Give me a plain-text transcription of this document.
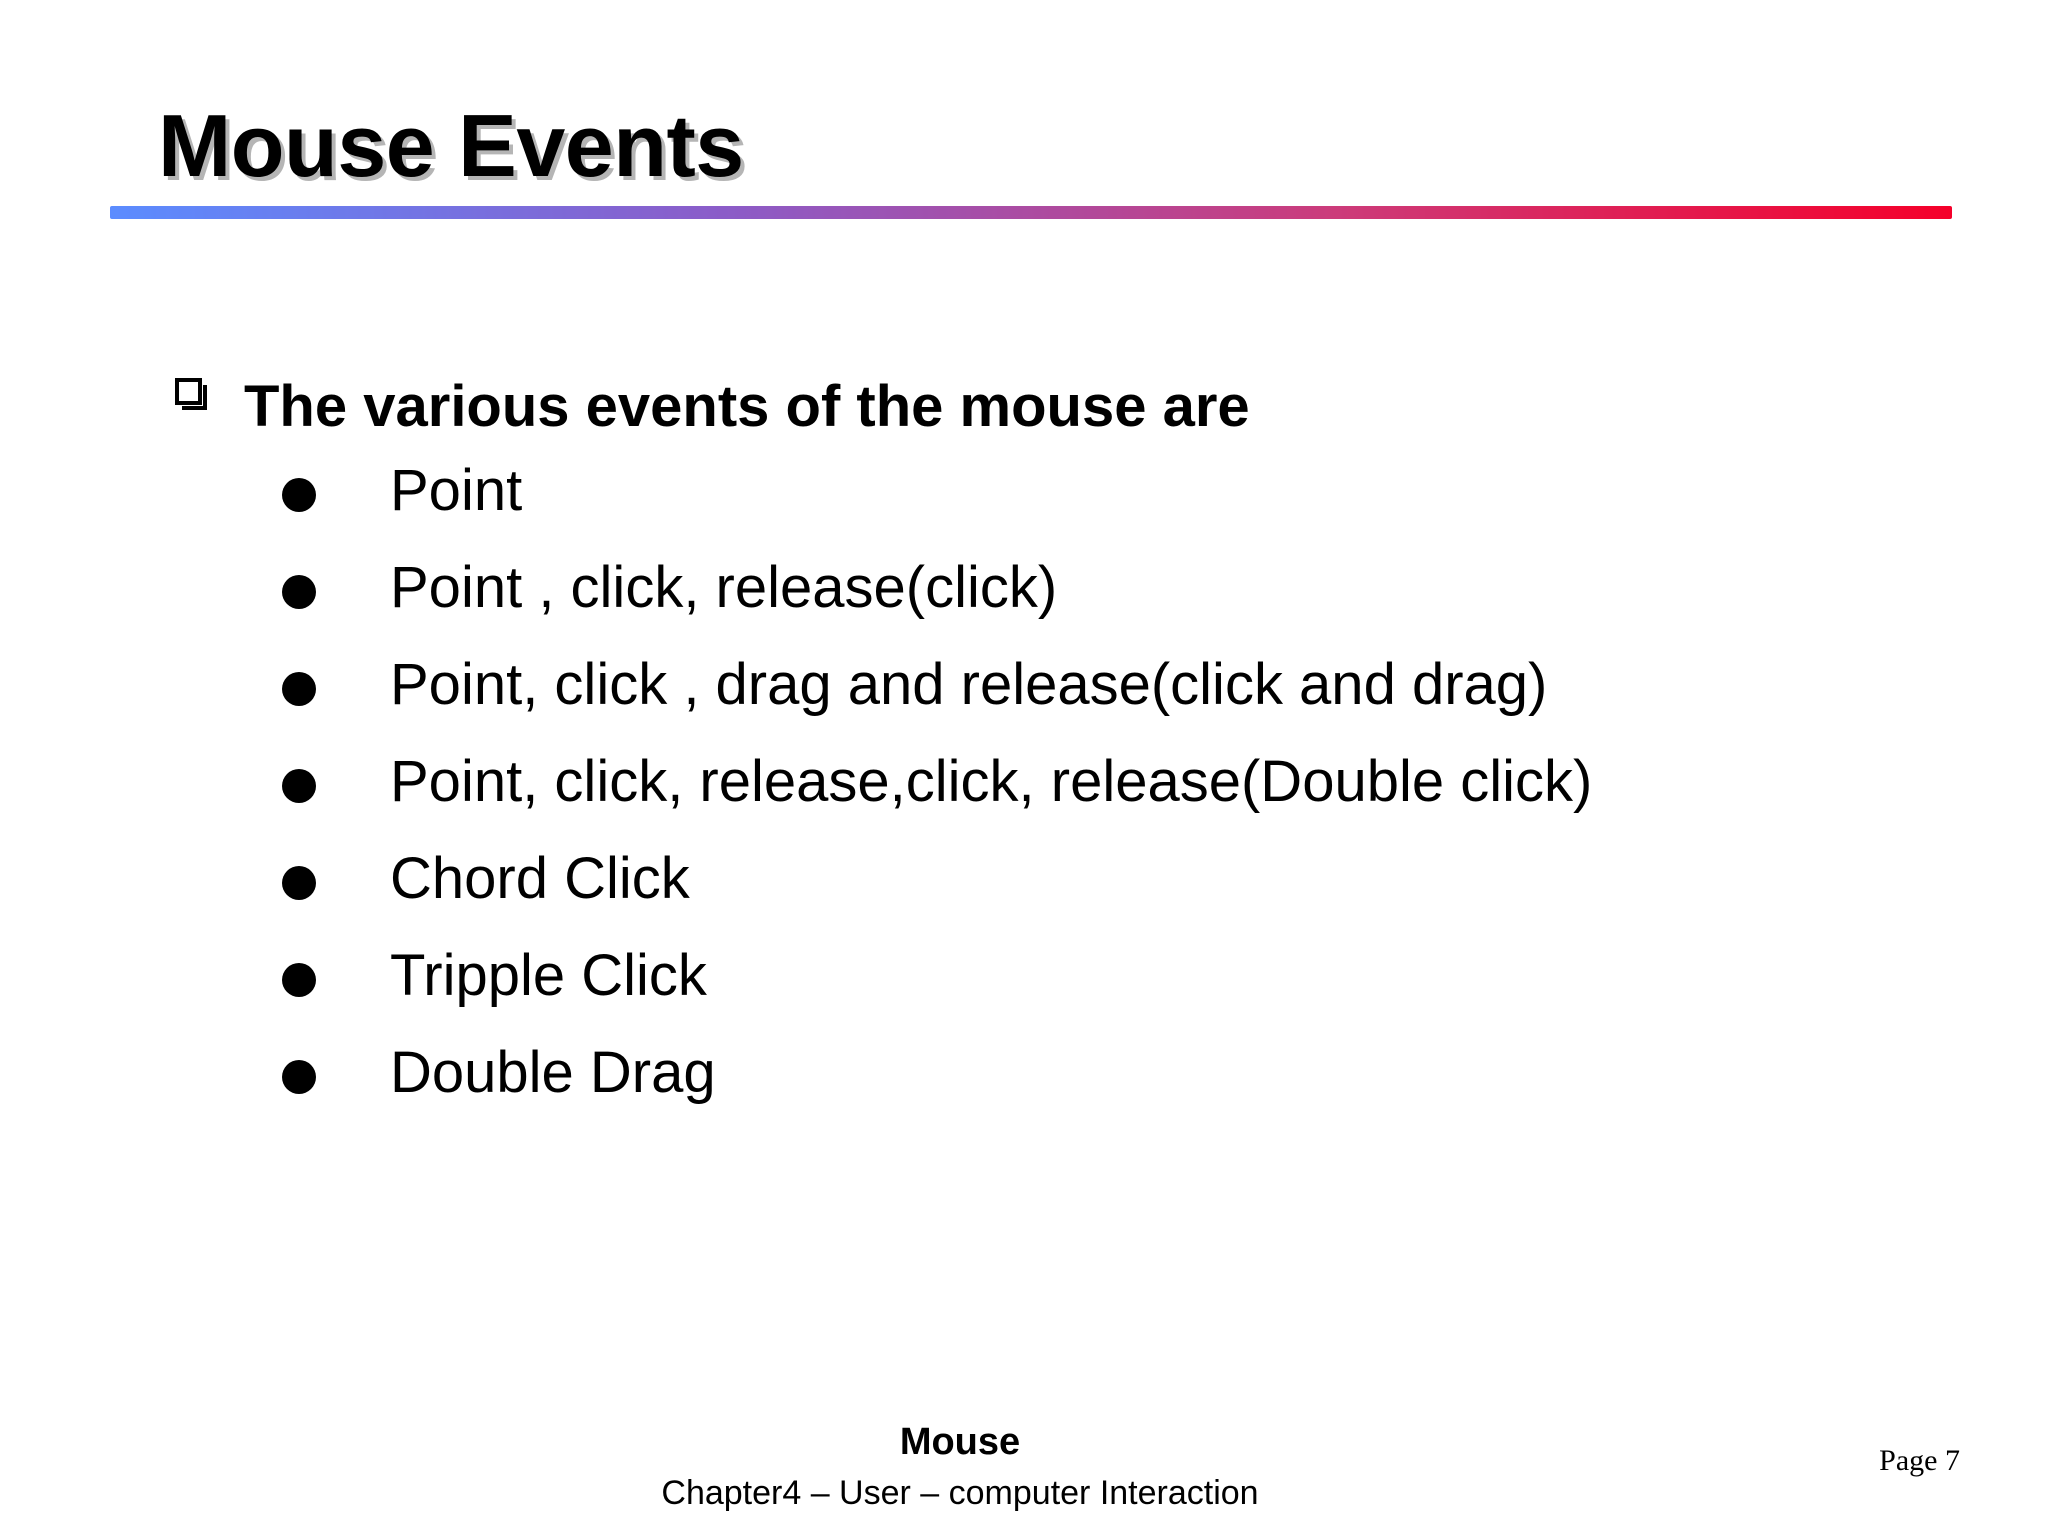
Mouse Events
The various events of the mouse are
Point
Point , click, release(click)
Point, click , drag and release(click and drag)
Point, click, release,click, release(Double click)
Chord Click
Tripple Click
Double Drag
Mouse
Chapter4 – User – computer Interaction
Page 7
